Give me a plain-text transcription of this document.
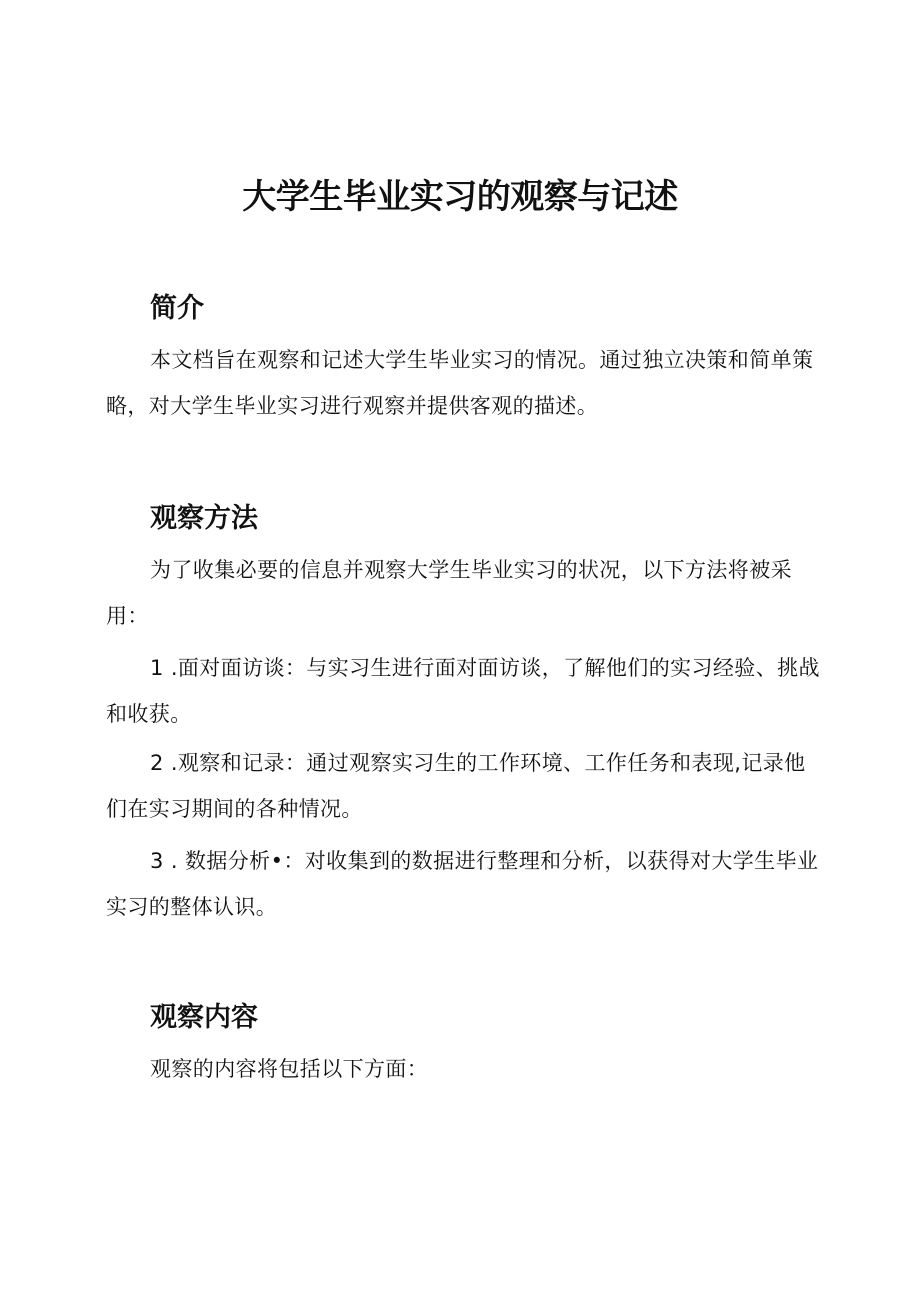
大学生毕业实习的观察与记述
简介
本文档旨在观察和记述大学生毕业实习的情况。通过独立决策和简单策略，对大学生毕业实习进行观察并提供客观的描述。
观察方法
为了收集必要的信息并观察大学生毕业实习的状况，以下方法将被采用：
1 .面对面访谈：与实习生进行面对面访谈，了解他们的实习经验、挑战和收获。
2 .观察和记录：通过观察实习生的工作环境、工作任务和表现,记录他们在实习期间的各种情况。
3 . 数据分析•：对收集到的数据进行整理和分析，以获得对大学生毕业实习的整体认识。
观察内容
观察的内容将包括以下方面：
